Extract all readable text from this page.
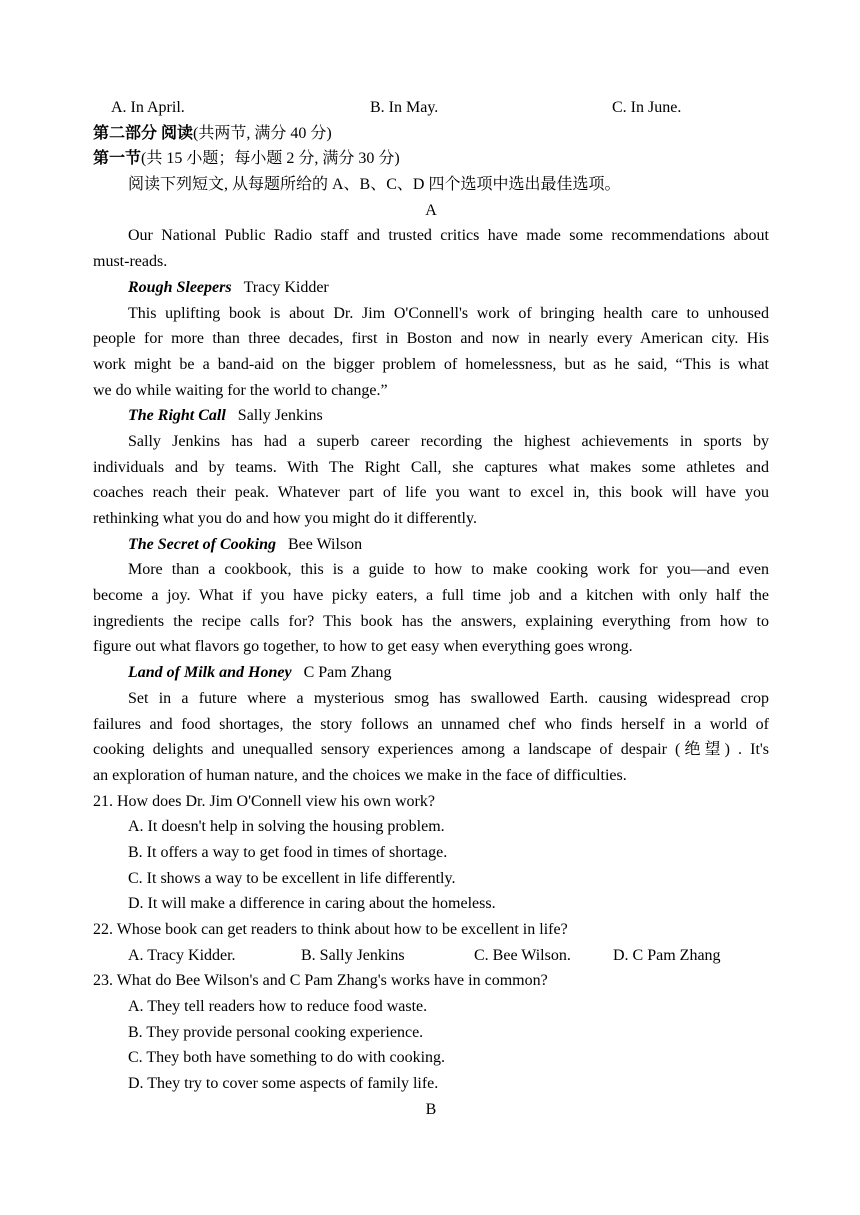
A. In April.	B. In May.	C. In June.
第二部分 阅读(共两节, 满分 40 分)
第一节(共 15 小题；每小题 2 分, 满分 30 分)
阅读下列短文, 从每题所给的 A、B、C、D 四个选项中选出最佳选项。
A
Our National Public Radio staff and trusted critics have made some recommendations about
must-reads.
Rough Sleepers Tracy Kidder
This uplifting book is about Dr. Jim O'Connell's work of bringing health care to unhoused
people for more than three decades, first in Boston and now in nearly every American city. His
work might be a band-aid on the bigger problem of homelessness, but as he said, “This is what
we do while waiting for the world to change.”
The Right Call Sally Jenkins
Sally Jenkins has had a superb career recording the highest achievements in sports by
individuals and by teams. With The Right Call, she captures what makes some athletes and
coaches reach their peak. Whatever part of life you want to excel in, this book will have you
rethinking what you do and how you might do it differently.
The Secret of Cooking Bee Wilson
More than a cookbook, this is a guide to how to make cooking work for you—and even
become a joy. What if you have picky eaters, a full time job and a kitchen with only half the
ingredients the recipe calls for? This book has the answers, explaining everything from how to
figure out what flavors go together, to how to get easy when everything goes wrong.
Land of Milk and Honey C Pam Zhang
Set in a future where a mysterious smog has swallowed Earth. causing widespread crop
failures and food shortages, the story follows an unnamed chef who finds herself in a world of
cooking delights and unequalled sensory experiences among a landscape of despair (绝望) . It's
an exploration of human nature, and the choices we make in the face of difficulties.
21. How does Dr. Jim O'Connell view his own work?
A. It doesn't help in solving the housing problem.
B. It offers a way to get food in times of shortage.
C. It shows a way to be excellent in life differently.
D. It will make a difference in caring about the homeless.
22. Whose book can get readers to think about how to be excellent in life?
A. Tracy Kidder.	B. Sally Jenkins	C. Bee Wilson.	D. C Pam Zhang
23. What do Bee Wilson's and C Pam Zhang's works have in common?
A. They tell readers how to reduce food waste.
B. They provide personal cooking experience.
C. They both have something to do with cooking.
D. They try to cover some aspects of family life.
B
